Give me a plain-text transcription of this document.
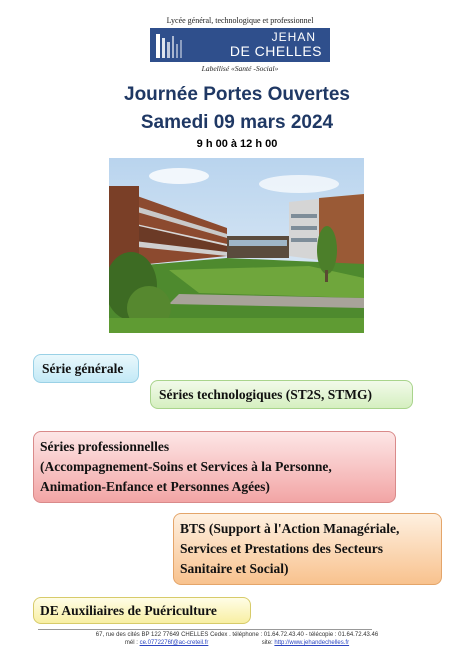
Lycée général, technologique et professionnel
JEHAN
DE CHELLES
Labellisé «Santé -Social»
Journée Portes Ouvertes
Samedi 09 mars 2024
9 h 00 à 12 h 00
Série générale
Séries technologiques (ST2S, STMG)
Séries professionnelles
(Accompagnement-Soins et Services à la Personne,
Animation-Enfance et Personnes Agées)
BTS (Support à l'Action Managériale,
Services et Prestations des Secteurs
Sanitaire et Social)
DE Auxiliaires de Puériculture
67, rue des cités BP 122 77649 CHELLES Cedex . téléphone : 01.64.72.43.40 - télécopie : 01.64.72.43.46
mél : ce.0772276f@ac-creteil.fr	site: http://www.jehandechelles.fr
